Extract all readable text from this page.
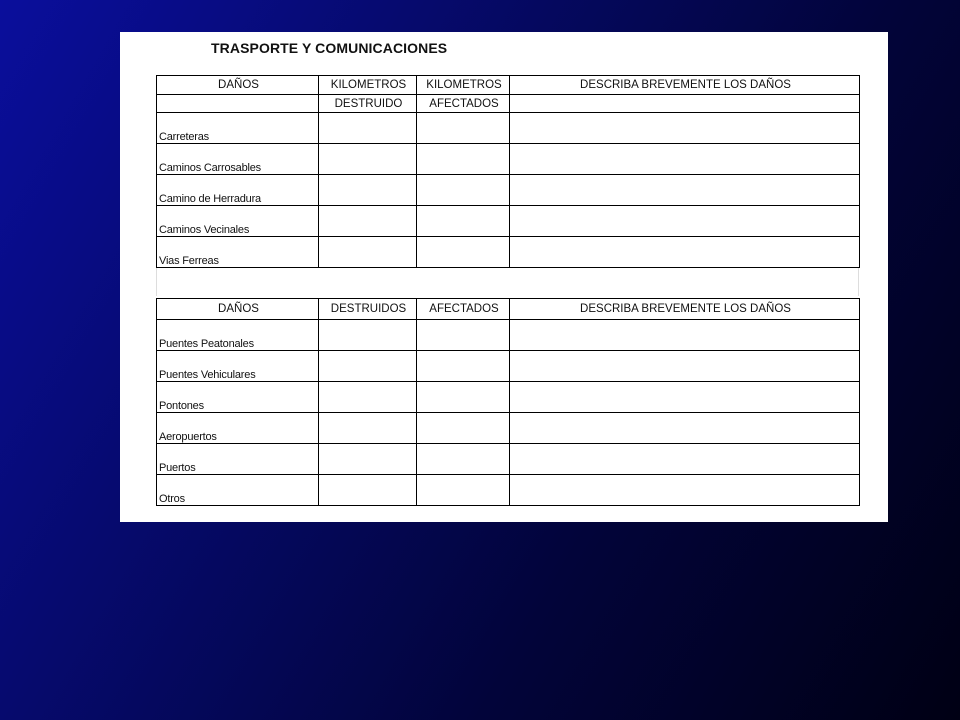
TRASPORTE Y COMUNICACIONES
DAÑOS	KILOMETROS	KILOMETROS	DESCRIBA BREVEMENTE LOS DAÑOS
	DESTRUIDO	AFECTADOS	
Carreteras			
Caminos Carrosables			
Camino de Herradura			
Caminos Vecinales			
Vias Ferreas			
DAÑOS	DESTRUIDOS	AFECTADOS	DESCRIBA BREVEMENTE LOS DAÑOS
Puentes Peatonales			
Puentes Vehiculares			
Pontones			
Aeropuertos			
Puertos			
Otros			
